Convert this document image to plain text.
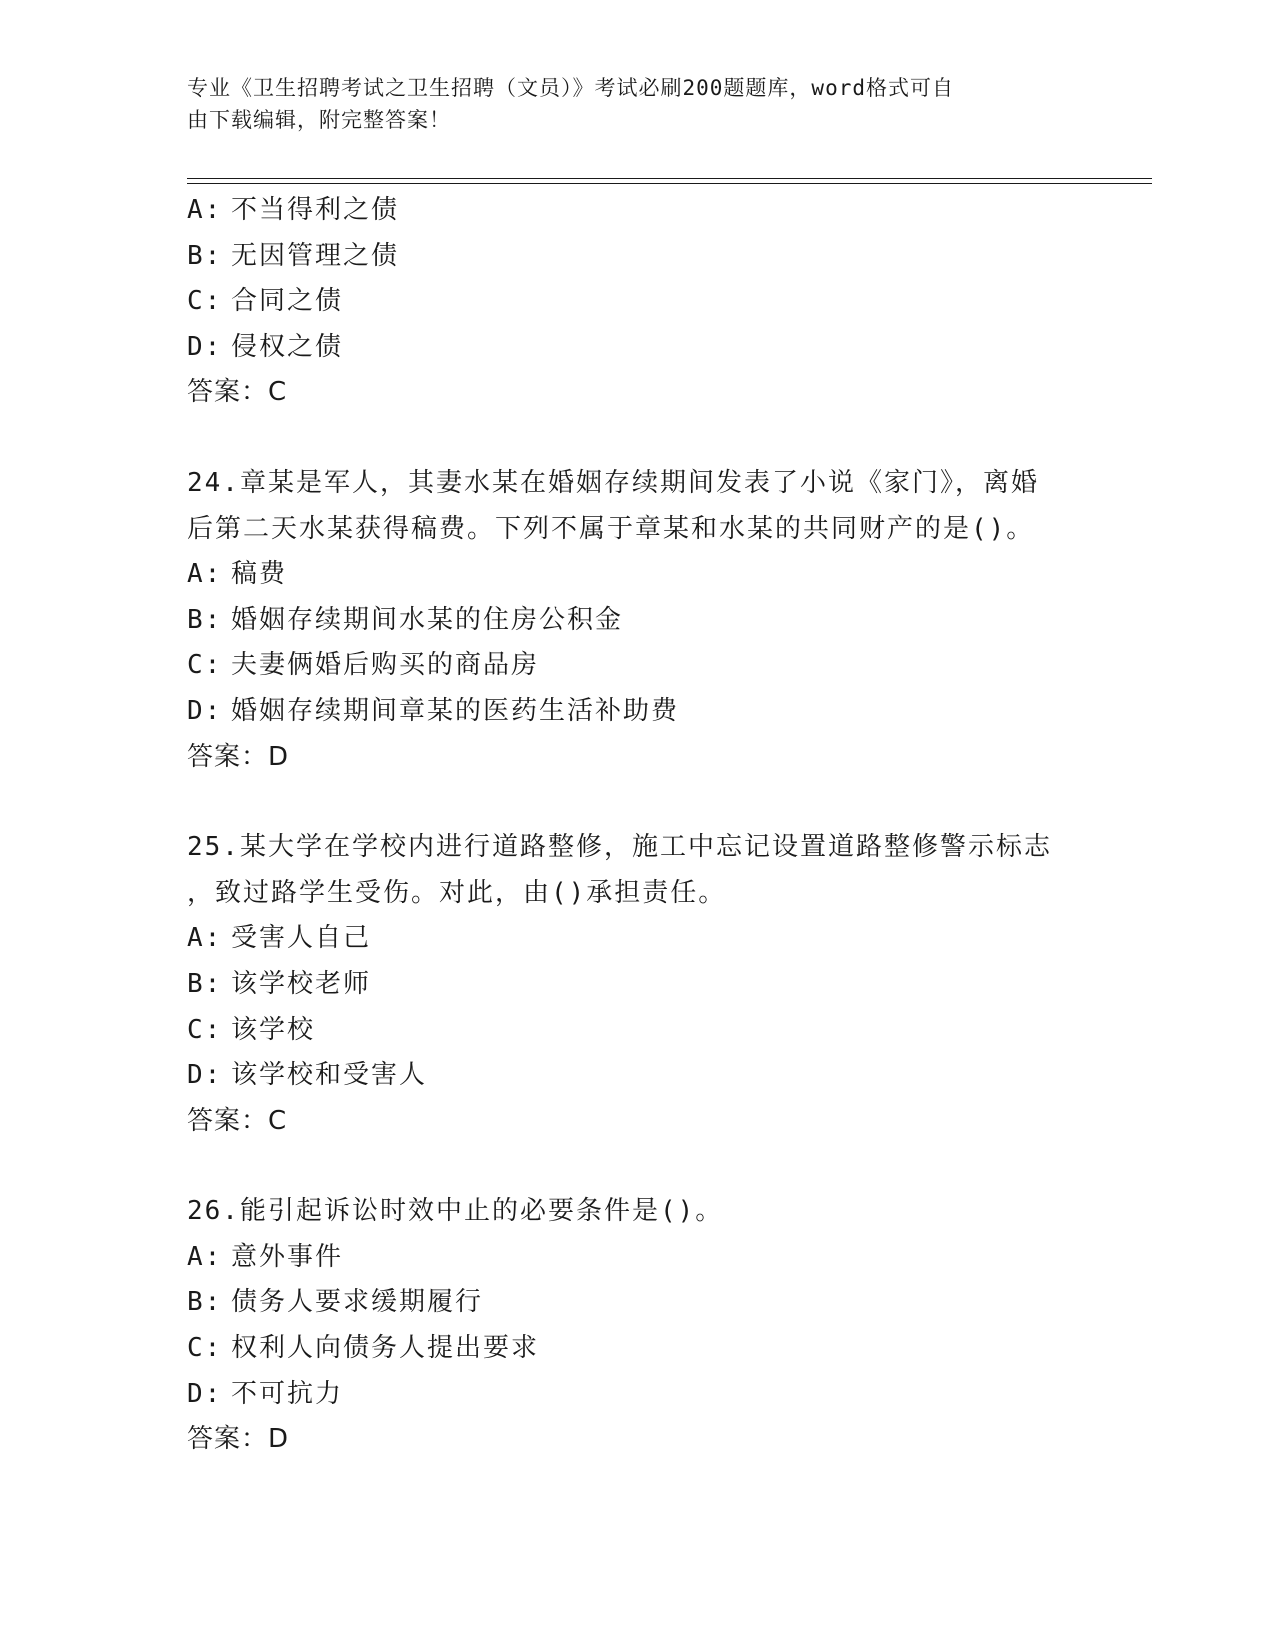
专业《卫生招聘考试之卫生招聘（文员）》考试必刷200题题库，word格式可自
由下载编辑，附完整答案！
A: 不当得利之债
B: 无因管理之债
C: 合同之债
D: 侵权之债
答案：C
24.章某是军人，其妻水某在婚姻存续期间发表了小说《家门》，离婚
后第二天水某获得稿费。下列不属于章某和水某的共同财产的是()。
A: 稿费
B: 婚姻存续期间水某的住房公积金
C: 夫妻俩婚后购买的商品房
D: 婚姻存续期间章某的医药生活补助费
答案：D
25.某大学在学校内进行道路整修，施工中忘记设置道路整修警示标志
，致过路学生受伤。对此，由()承担责任。
A: 受害人自己
B: 该学校老师
C: 该学校
D: 该学校和受害人
答案：C
26.能引起诉讼时效中止的必要条件是()。
A: 意外事件
B: 债务人要求缓期履行
C: 权利人向债务人提出要求
D: 不可抗力
答案：D
